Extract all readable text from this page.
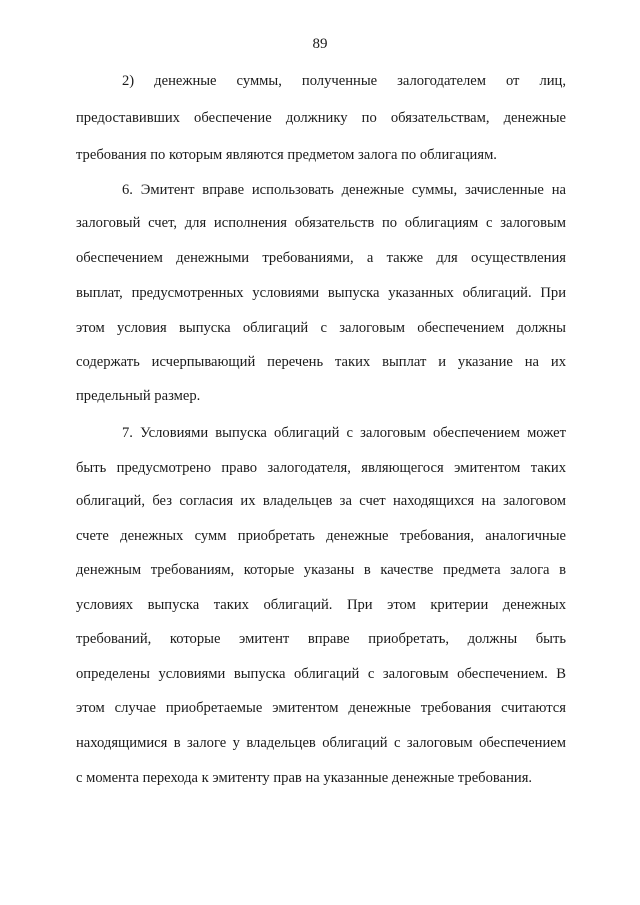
89
2) денежные суммы, полученные залогодателем от лиц,
предоставивших обеспечение должнику по обязательствам, денежные
требования по которым являются предметом залога по облигациям.
6. Эмитент вправе использовать денежные суммы, зачисленные на
залоговый счет, для исполнения обязательств по облигациям с залоговым
обеспечением денежными требованиями, а также для осуществления
выплат, предусмотренных условиями выпуска указанных облигаций. При
этом условия выпуска облигаций с залоговым обеспечением должны
содержать исчерпывающий перечень таких выплат и указание на их
предельный размер.
7. Условиями выпуска облигаций с залоговым обеспечением может
быть предусмотрено право залогодателя, являющегося эмитентом таких
облигаций, без согласия их владельцев за счет находящихся на залоговом
счете денежных сумм приобретать денежные требования, аналогичные
денежным требованиям, которые указаны в качестве предмета залога в
условиях выпуска таких облигаций. При этом критерии денежных
требований, которые эмитент вправе приобретать, должны быть
определены условиями выпуска облигаций с залоговым обеспечением. В
этом случае приобретаемые эмитентом денежные требования считаются
находящимися в залоге у владельцев облигаций с залоговым обеспечением
с момента перехода к эмитенту прав на указанные денежные требования.
